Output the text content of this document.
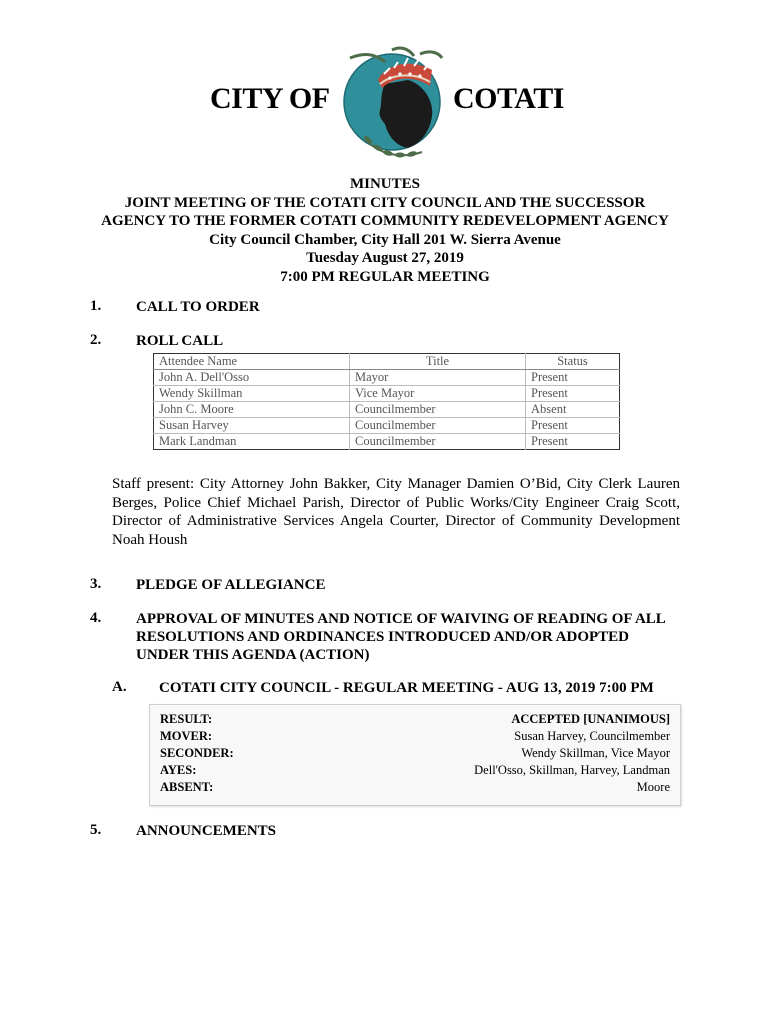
CITY OF	COTATI
MINUTES
JOINT MEETING OF THE COTATI CITY COUNCIL AND THE SUCCESSOR
AGENCY TO THE FORMER COTATI COMMUNITY REDEVELOPMENT AGENCY
City Council Chamber, City Hall 201 W. Sierra Avenue
Tuesday August 27, 2019
7:00 PM REGULAR MEETING
1. CALL TO ORDER
2. ROLL CALL
Attendee Name	Title	Status
John A. Dell'Osso	Mayor	Present
Wendy Skillman	Vice Mayor	Present
John C. Moore	Councilmember	Absent
Susan Harvey	Councilmember	Present
Mark Landman	Councilmember	Present
Staff present: City Attorney John Bakker, City Manager Damien O’Bid, City Clerk Lauren Berges, Police Chief Michael Parish, Director of Public Works/City Engineer Craig Scott, Director of Administrative Services Angela Courter, Director of Community Development Noah Housh
3. PLEDGE OF ALLEGIANCE
4. APPROVAL OF MINUTES AND NOTICE OF WAIVING OF READING OF ALL
RESOLUTIONS AND ORDINANCES INTRODUCED AND/OR ADOPTED
UNDER THIS AGENDA (ACTION)
A. COTATI CITY COUNCIL - REGULAR MEETING - AUG 13, 2019 7:00 PM
RESULT:	ACCEPTED [UNANIMOUS]
MOVER:	Susan Harvey, Councilmember
SECONDER:	Wendy Skillman, Vice Mayor
AYES:	Dell'Osso, Skillman, Harvey, Landman
ABSENT:	Moore
5. ANNOUNCEMENTS
